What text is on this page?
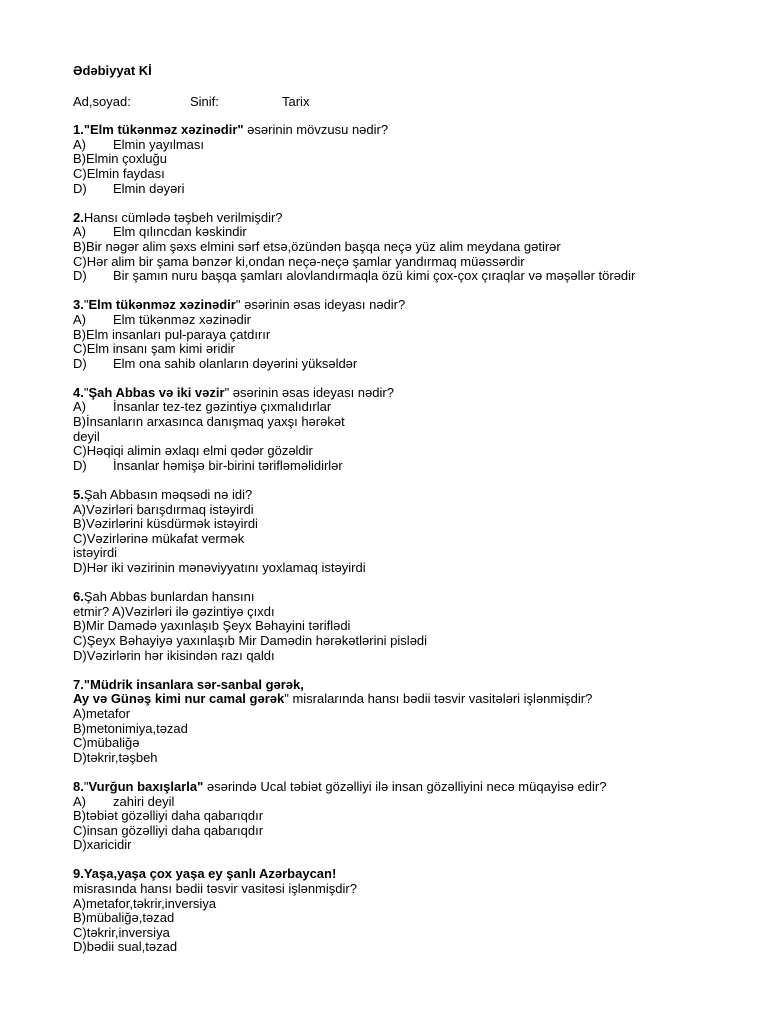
Ədəbiyyat Kİ
Ad,soyad:	Sinif:	Tarix
1."Elm tükənməz xəzinədir" əsərinin mövzusu nədir?
A) Elmin yayılması
B)Elmin çoxluğu
C)Elmin faydası
D) Elmin dəyəri
2.Hansı cümlədə təşbeh verilmişdir?
A) Elm qılıncdan kəskindir
B)Bir nəgər alim şəxs elmini sərf etsə,özündən başqa neçə yüz alim meydana gətirər
C)Hər alim bir şama bənzər ki,ondan neçə-neçə şamlar yandırmaq müəssərdir
D) Bir şamın nuru başqa şamları alovlandırmaqla özü kimi çox-çox çıraqlar və məşəllər törədir
3."Elm tükənməz xəzinədir" əsərinin əsas ideyası nədir?
A) Elm tükənməz xəzinədir
B)Elm insanları pul-paraya çatdırır
C)Elm insanı şam kimi əridir
D) Elm ona sahib olanların dəyərini yüksəldər
4."Şah Abbas və iki vəzir" əsərinin əsas ideyası nədir?
A) İnsanlar tez-tez gəzintiyə çıxmalıdırlar
B)İnsanların arxasınca danışmaq yaxşı hərəkət
deyil
C)Həqiqi alimin əxlaqı elmi qədər gözəldir
D) İnsanlar həmişə bir-birini tərifləməlidirlər
5.Şah Abbasın məqsədi nə idi?
A)Vəzirləri barışdırmaq istəyirdi
B)Vəzirlərini küsdürmək istəyirdi
C)Vəzirlərinə mükafat vermək
istəyirdi
D)Hər iki vəzirinin mənəviyyatını yoxlamaq istəyirdi
6.Şah Abbas bunlardan hansını
etmir? A)Vəzirləri ilə gəzintiyə çıxdı
B)Mir Damədə yaxınlaşıb Şeyx Bəhayini təriflədi
C)Şeyx Bəhayiyə yaxınlaşıb Mir Damədin hərəkətlərini pislədi
D)Vəzirlərin hər ikisindən razı qaldı
7."Müdrik insanlara sər-sanbal gərək,
Ay və Günəş kimi nur camal gərək" misralarında hansı bədii təsvir vasitələri işlənmişdir?
A)metafor
B)metonimiya,təzad
C)mübaliğə
D)təkrir,təşbeh
8."Vurğun baxışlarla" əsərində Ucal təbiət gözəlliyi ilə insan gözəlliyini necə müqayisə edir?
A) zahiri deyil
B)təbiət gözəlliyi daha qabarıqdır
C)insan gözəlliyi daha qabarıqdır
D)xaricidir
9.Yaşa,yaşa çox yaşa ey şanlı Azərbaycan!
misrasında hansı bədii təsvir vasitəsi işlənmişdir?
A)metafor,təkrir,inversiya
B)mübaliğə,təzad
C)təkrir,inversiya
D)bədii sual,təzad
